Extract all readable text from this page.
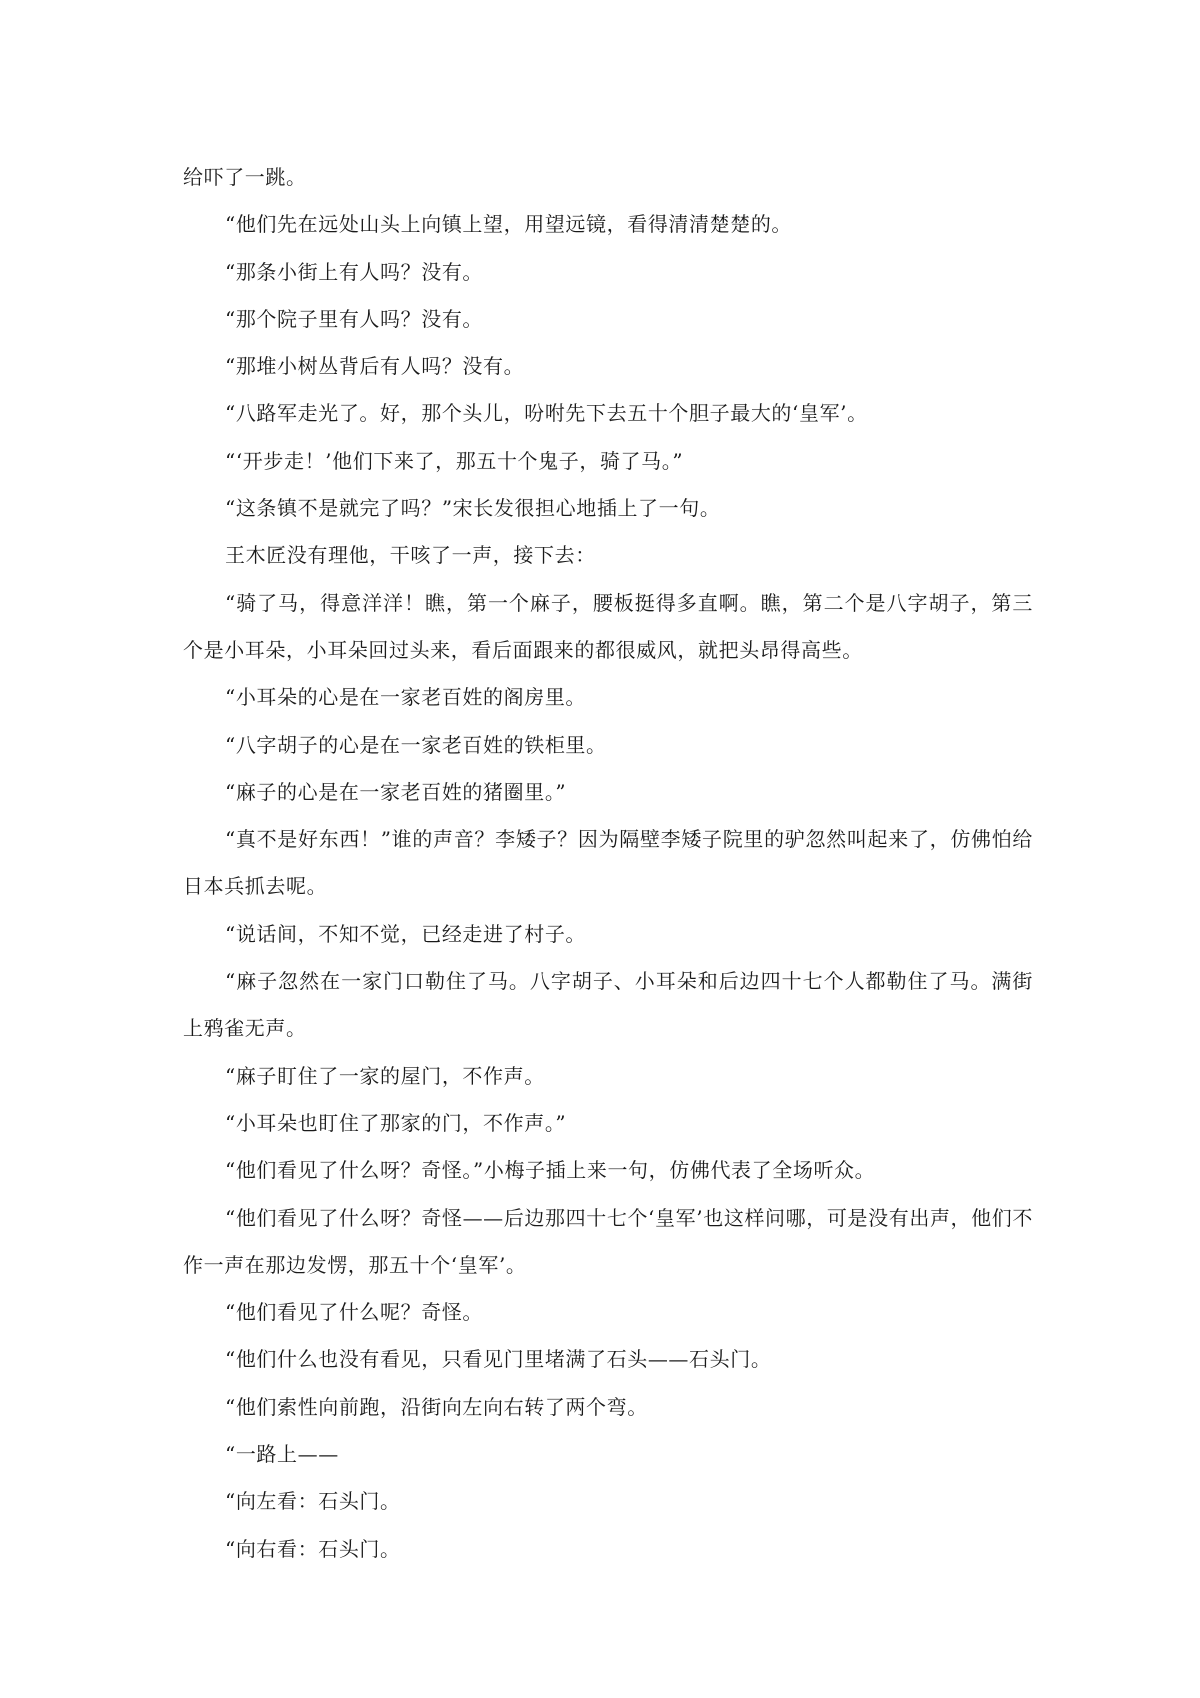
给吓了一跳。

“他们先在远处山头上向镇上望，用望远镜，看得清清楚楚的。

“那条小街上有人吗？没有。

“那个院子里有人吗？没有。

“那堆小树丛背后有人吗？没有。

“八路军走光了。好，那个头儿，吩咐先下去五十个胆子最大的‘皇军’。

“‘开步走！’他们下来了，那五十个鬼子，骑了马。”

“这条镇不是就完了吗？”宋长发很担心地插上了一句。

王木匠没有理他，干咳了一声，接下去：

“骑了马，得意洋洋！瞧，第一个麻子，腰板挺得多直啊。瞧，第二个是八字胡子，第三个是小耳朵，小耳朵回过头来，看后面跟来的都很威风，就把头昂得高些。

“小耳朵的心是在一家老百姓的阁房里。

“八字胡子的心是在一家老百姓的铁柜里。

“麻子的心是在一家老百姓的猪圈里。”

“真不是好东西！”谁的声音？李矮子？因为隔壁李矮子院里的驴忽然叫起来了，仿佛怕给日本兵抓去呢。

“说话间，不知不觉，已经走进了村子。

“麻子忽然在一家门口勒住了马。八字胡子、小耳朵和后边四十七个人都勒住了马。满街上鸦雀无声。

“麻子盯住了一家的屋门，不作声。

“小耳朵也盯住了那家的门，不作声。”

“他们看见了什么呀？奇怪。”小梅子插上来一句，仿佛代表了全场听众。

“他们看见了什么呀？奇怪——后边那四十七个‘皇军’也这样问哪，可是没有出声，他们不作一声在那边发愣，那五十个‘皇军’。

“他们看见了什么呢？奇怪。

“他们什么也没有看见，只看见门里堵满了石头——石头门。

“他们索性向前跑，沿街向左向右转了两个弯。

“一路上——

“向左看：石头门。

“向右看：石头门。
